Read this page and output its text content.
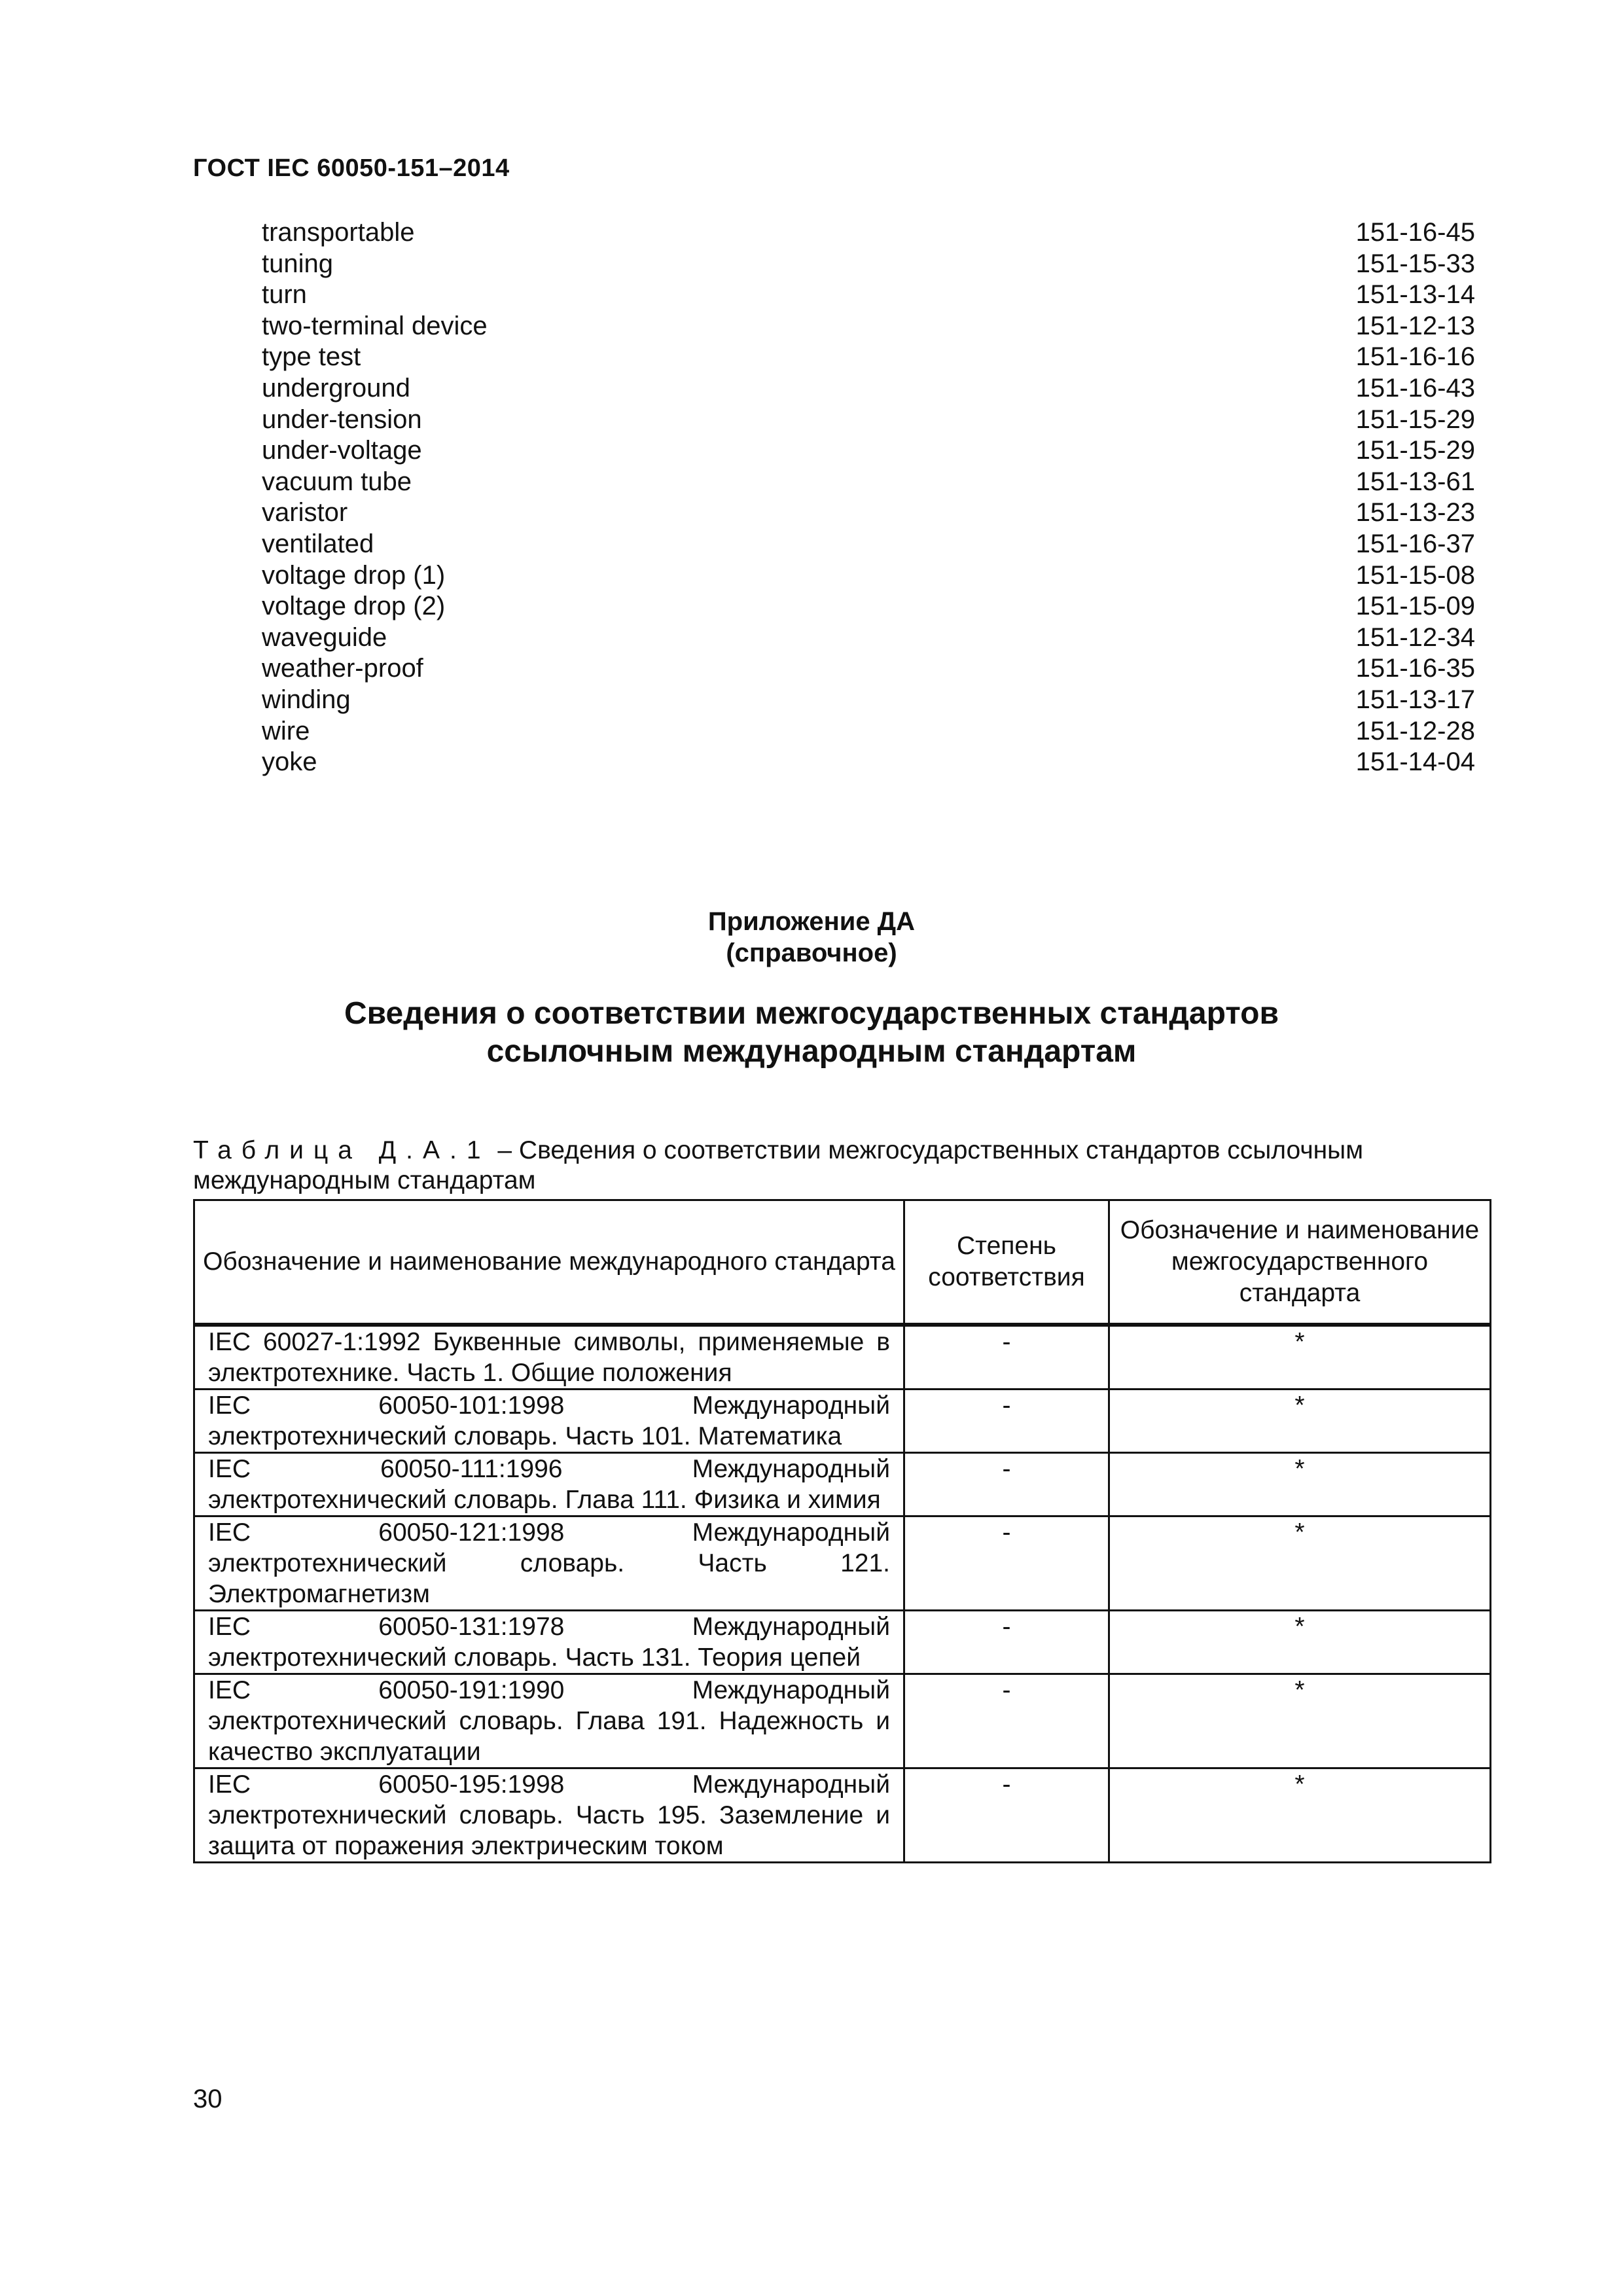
ГОСТ IEC 60050-151–2014
transportable	151-16-45
tuning	151-15-33
turn	151-13-14
two-terminal device	151-12-13
type test	151-16-16
underground	151-16-43
under-tension	151-15-29
under-voltage	151-15-29
vacuum tube	151-13-61
varistor	151-13-23
ventilated	151-16-37
voltage drop (1)	151-15-08
voltage drop (2)	151-15-09
waveguide	151-12-34
weather-proof	151-16-35
winding	151-13-17
wire	151-12-28
yoke	151-14-04
Приложение ДА
(справочное)
Сведения о соответствии межгосударственных стандартов
ссылочным международным стандартам
Таблица Д.А.1 – Сведения о соответствии межгосударственных стандартов ссылочным международным стандартам
Обозначение и наименование международного стандарта	Степень соответствия	Обозначение и наименование межгосударственного стандарта
IEC 60027-1:1992 Буквенные символы, применяемые в электротехнике. Часть 1. Общие положения	-	*
IEC 60050-101:1998 Международный электротехнический словарь. Часть 101. Математика	-	*
IEC 60050-111:1996 Международный электротехнический словарь. Глава 111. Физика и химия	-	*
IEC 60050-121:1998 Международный электротехнический словарь. Часть 121. Электромагнетизм	-	*
IEC 60050-131:1978 Международный электротехнический словарь. Часть 131. Теория цепей	-	*
IEC 60050-191:1990 Международный электротехнический словарь. Глава 191. Надежность и качество эксплуатации	-	*
IEC 60050-195:1998 Международный электротехнический словарь. Часть 195. Заземление и защита от поражения электрическим током	-	*
30
